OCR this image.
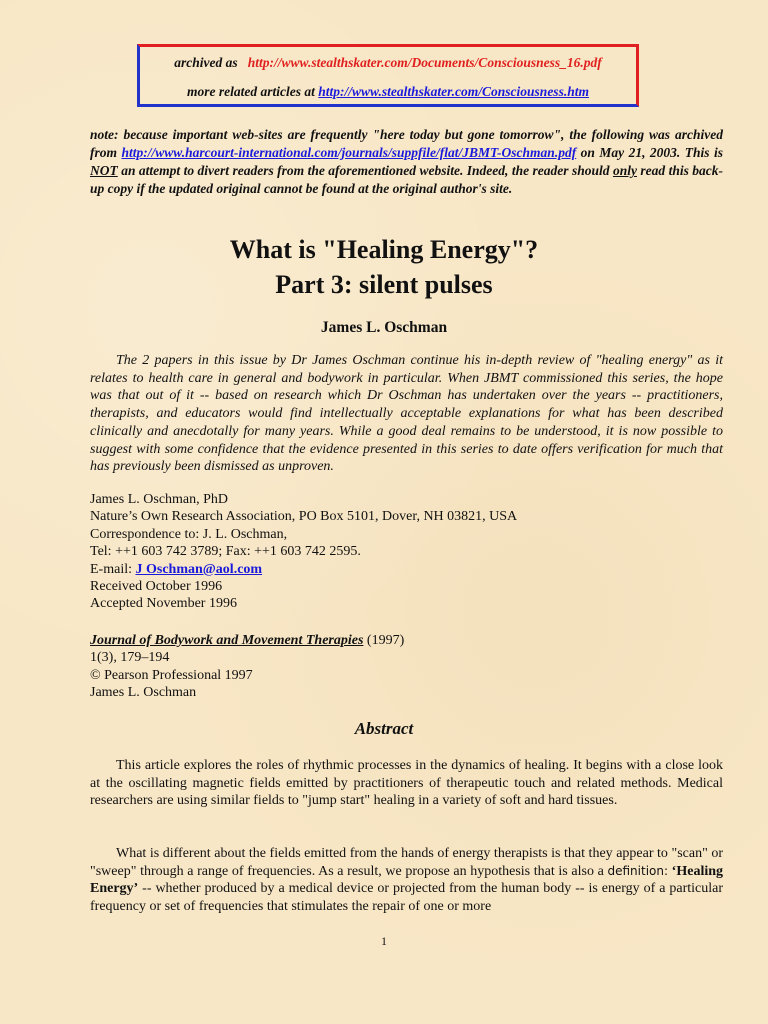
archived as http://www.stealthskater.com/Documents/Consciousness_16.pdf
more related articles at http://www.stealthskater.com/Consciousness.htm
note: because important web-sites are frequently "here today but gone tomorrow", the following was archived from http://www.harcourt-international.com/journals/suppfile/flat/JBMT-Oschman.pdf on May 21, 2003. This is NOT an attempt to divert readers from the aforementioned website. Indeed, the reader should only read this back-up copy if the updated original cannot be found at the original author's site.
What is "Healing Energy"?
Part 3: silent pulses
James L. Oschman
The 2 papers in this issue by Dr James Oschman continue his in-depth review of "healing energy" as it relates to health care in general and bodywork in particular. When JBMT commissioned this series, the hope was that out of it -- based on research which Dr Oschman has undertaken over the years -- practitioners, therapists, and educators would find intellectually acceptable explanations for what has been described clinically and anecdotally for many years. While a good deal remains to be understood, it is now possible to suggest with some confidence that the evidence presented in this series to date offers verification for much that has previously been dismissed as unproven.
James L. Oschman, PhD
Nature’s Own Research Association, PO Box 5101, Dover, NH 03821, USA
Correspondence to: J. L. Oschman,
Tel: ++1 603 742 3789; Fax: ++1 603 742 2595.
E-mail: J Oschman@aol.com
Received October 1996
Accepted November 1996
Journal of Bodywork and Movement Therapies (1997)
1(3), 179–194
© Pearson Professional 1997
James L. Oschman
Abstract
This article explores the roles of rhythmic processes in the dynamics of healing. It begins with a close look at the oscillating magnetic fields emitted by practitioners of therapeutic touch and related methods. Medical researchers are using similar fields to "jump start" healing in a variety of soft and hard tissues.
What is different about the fields emitted from the hands of energy therapists is that they appear to "scan" or "sweep" through a range of frequencies. As a result, we propose an hypothesis that is also a definition: ‘Healing Energy’ -- whether produced by a medical device or projected from the human body -- is energy of a particular frequency or set of frequencies that stimulates the repair of one or more
1
